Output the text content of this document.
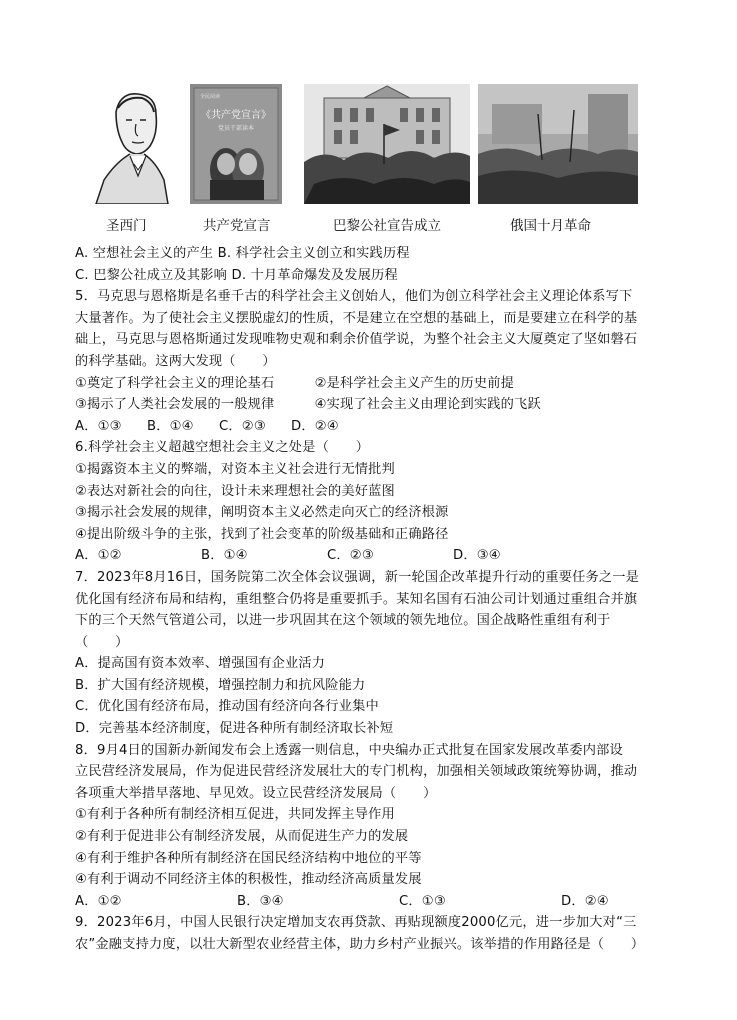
全民阅读
《共产党宣言》
党员干部读本
圣西门	共产党宣言	巴黎公社宣告成立	俄国十月革命
A. 空想社会主义的产生 B. 科学社会主义创立和实践历程
C. 巴黎公社成立及其影响 D. 十月革命爆发及发展历程
5．马克思与恩格斯是名垂千古的科学社会主义创始人，他们为创立科学社会主义理论体系写下
大量著作。为了使社会主义摆脱虚幻的性质，不是建立在空想的基础上，而是要建立在科学的基
础上，马克思与恩格斯通过发现唯物史观和剩余价值学说，为整个社会主义大厦奠定了坚如磐石
的科学基础。这两大发现（　　）
①奠定了科学社会主义的理论基石　　　②是科学社会主义产生的历史前提
③揭示了人类社会发展的一般规律　　　④实现了社会主义由理论到实践的飞跃
A．①③	B．①④	C．②③	D．②④
6.科学社会主义超越空想社会主义之处是（　　）
①揭露资本主义的弊端，对资本主义社会进行无情批判
②表达对新社会的向往，设计未来理想社会的美好蓝图
③揭示社会发展的规律，阐明资本主义必然走向灭亡的经济根源
④提出阶级斗争的主张，找到了社会变革的阶级基础和正确路径
A．①②	B．①④	C．②③	D．③④
7．2023年8月16日，国务院第二次全体会议强调，新一轮国企改革提升行动的重要任务之一是
优化国有经济布局和结构，重组整合仍将是重要抓手。某知名国有石油公司计划通过重组合并旗
下的三个天然气管道公司，以进一步巩固其在这个领域的领先地位。国企战略性重组有利于
（　　）
A．提高国有资本效率、增强国有企业活力
B．扩大国有经济规模，增强控制力和抗风险能力
C．优化国有经济布局，推动国有经济向各行业集中
D．完善基本经济制度，促进各种所有制经济取长补短
8．9月4日的国新办新闻发布会上透露一则信息，中央编办正式批复在国家发展改革委内部设
立民营经济发展局，作为促进民营经济发展壮大的专门机构，加强相关领域政策统筹协调，推动
各项重大举措早落地、早见效。设立民营经济发展局（　　）
①有利于各种所有制经济相互促进，共同发挥主导作用
②有利于促进非公有制经济发展，从而促进生产力的发展
④有利于维护各种所有制经济在国民经济结构中地位的平等
④有利于调动不同经济主体的积极性，推动经济高质量发展
A．①②	B．③④	C．①③	D．②④
9．2023年6月，中国人民银行决定增加支农再贷款、再贴现额度2000亿元，进一步加大对“三
农”金融支持力度，以壮大新型农业经营主体，助力乡村产业振兴。该举措的作用路径是（　　）
